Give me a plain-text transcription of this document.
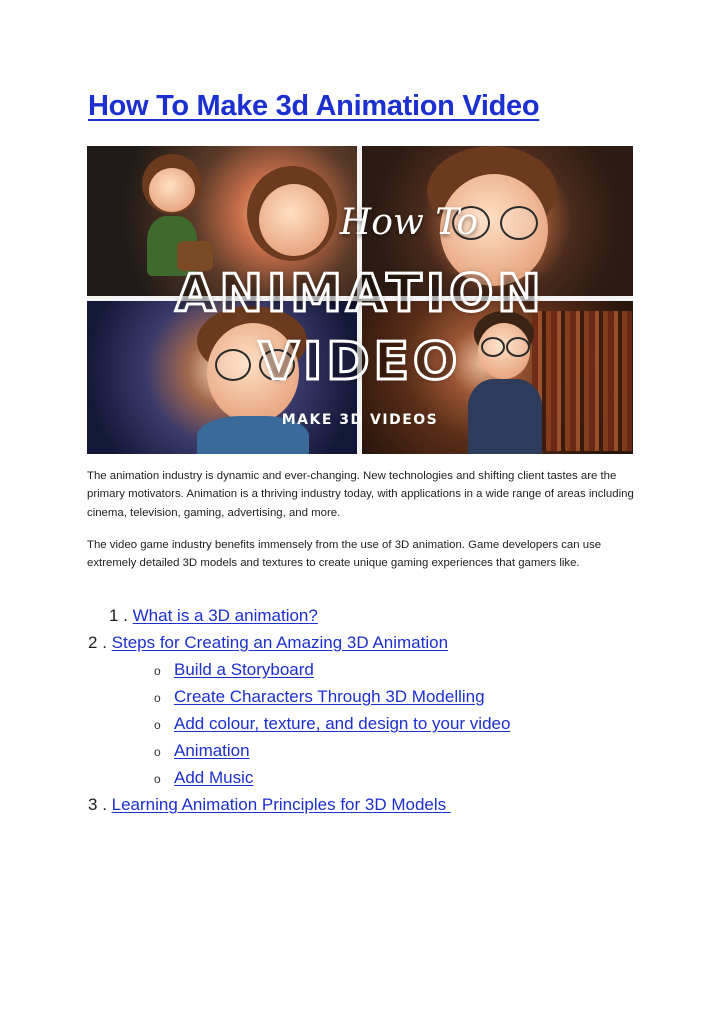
How To Make 3d Animation Video
How To
ANIMATION
VIDEO
MAKE 3D VIDEOS

The animation industry is dynamic and ever-changing. New technologies and shifting client tastes are the primary motivators. Animation is a thriving industry today, with applications in a wide range of areas including cinema, television, gaming, advertising, and more.

The video game industry benefits immensely from the use of 3D animation. Game developers can use extremely detailed 3D models and textures to create unique gaming experiences that gamers like.

1 . What is a 3D animation?
2 . Steps for Creating an Amazing 3D Animation
o Build a Storyboard
o Create Characters Through 3D Modelling
o Add colour, texture, and design to your video
o Animation
o Add Music
3 . Learning Animation Principles for 3D Models
